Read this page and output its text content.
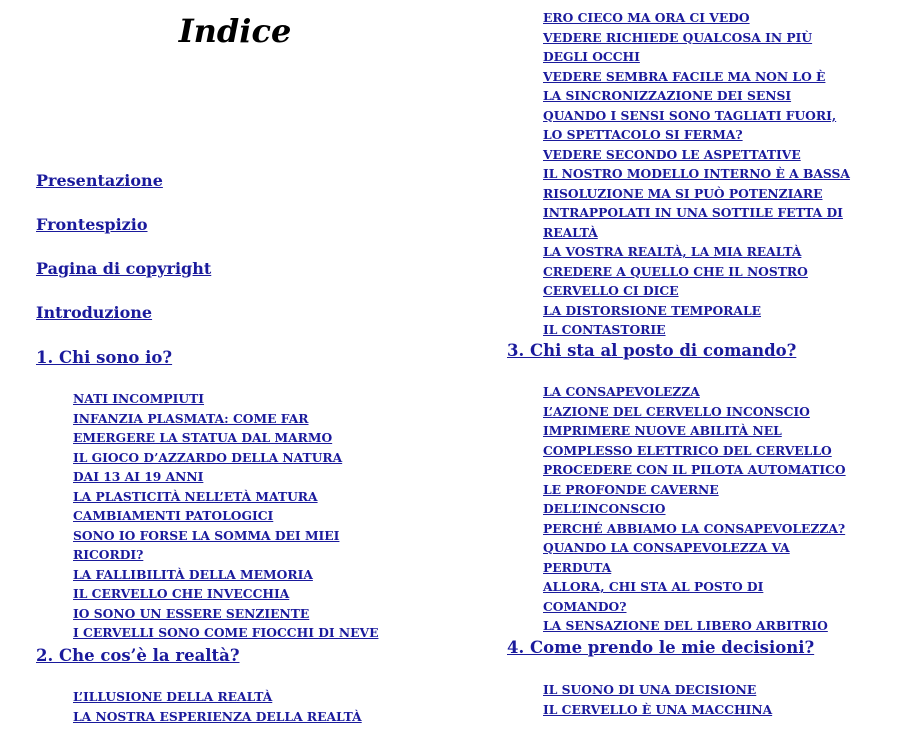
Indice
Presentazione
Frontespizio
Pagina di copyright
Introduzione
1. Chi sono io?
NATI INCOMPIUTI
INFANZIA PLASMATA: COME FAR
EMERGERE LA STATUA DAL MARMO
IL GIOCO D’AZZARDO DELLA NATURA
DAI 13 AI 19 ANNI
LA PLASTICITÀ NELL’ETÀ MATURA
CAMBIAMENTI PATOLOGICI
SONO IO FORSE LA SOMMA DEI MIEI
RICORDI?
LA FALLIBILITÀ DELLA MEMORIA
IL CERVELLO CHE INVECCHIA
IO SONO UN ESSERE SENZIENTE
I CERVELLI SONO COME FIOCCHI DI NEVE
2. Che cos’è la realtà?
L’ILLUSIONE DELLA REALTÀ
LA NOSTRA ESPERIENZA DELLA REALTÀ
ERO CIECO MA ORA CI VEDO
VEDERE RICHIEDE QUALCOSA IN PIÙ
DEGLI OCCHI
VEDERE SEMBRA FACILE MA NON LO È
LA SINCRONIZZAZIONE DEI SENSI
QUANDO I SENSI SONO TAGLIATI FUORI,
LO SPETTACOLO SI FERMA?
VEDERE SECONDO LE ASPETTATIVE
IL NOSTRO MODELLO INTERNO È A BASSA
RISOLUZIONE MA SI PUÒ POTENZIARE
INTRAPPOLATI IN UNA SOTTILE FETTA DI
REALTÀ
LA VOSTRA REALTÀ, LA MIA REALTÀ
CREDERE A QUELLO CHE IL NOSTRO
CERVELLO CI DICE
LA DISTORSIONE TEMPORALE
IL CONTASTORIE
3. Chi sta al posto di comando?
LA CONSAPEVOLEZZA
L’AZIONE DEL CERVELLO INCONSCIO
IMPRIMERE NUOVE ABILITÀ NEL
COMPLESSO ELETTRICO DEL CERVELLO
PROCEDERE CON IL PILOTA AUTOMATICO
LE PROFONDE CAVERNE
DELL’INCONSCIO
PERCHÉ ABBIAMO LA CONSAPEVOLEZZA?
QUANDO LA CONSAPEVOLEZZA VA
PERDUTA
ALLORA, CHI STA AL POSTO DI
COMANDO?
LA SENSAZIONE DEL LIBERO ARBITRIO
4. Come prendo le mie decisioni?
IL SUONO DI UNA DECISIONE
IL CERVELLO È UNA MACCHINA
